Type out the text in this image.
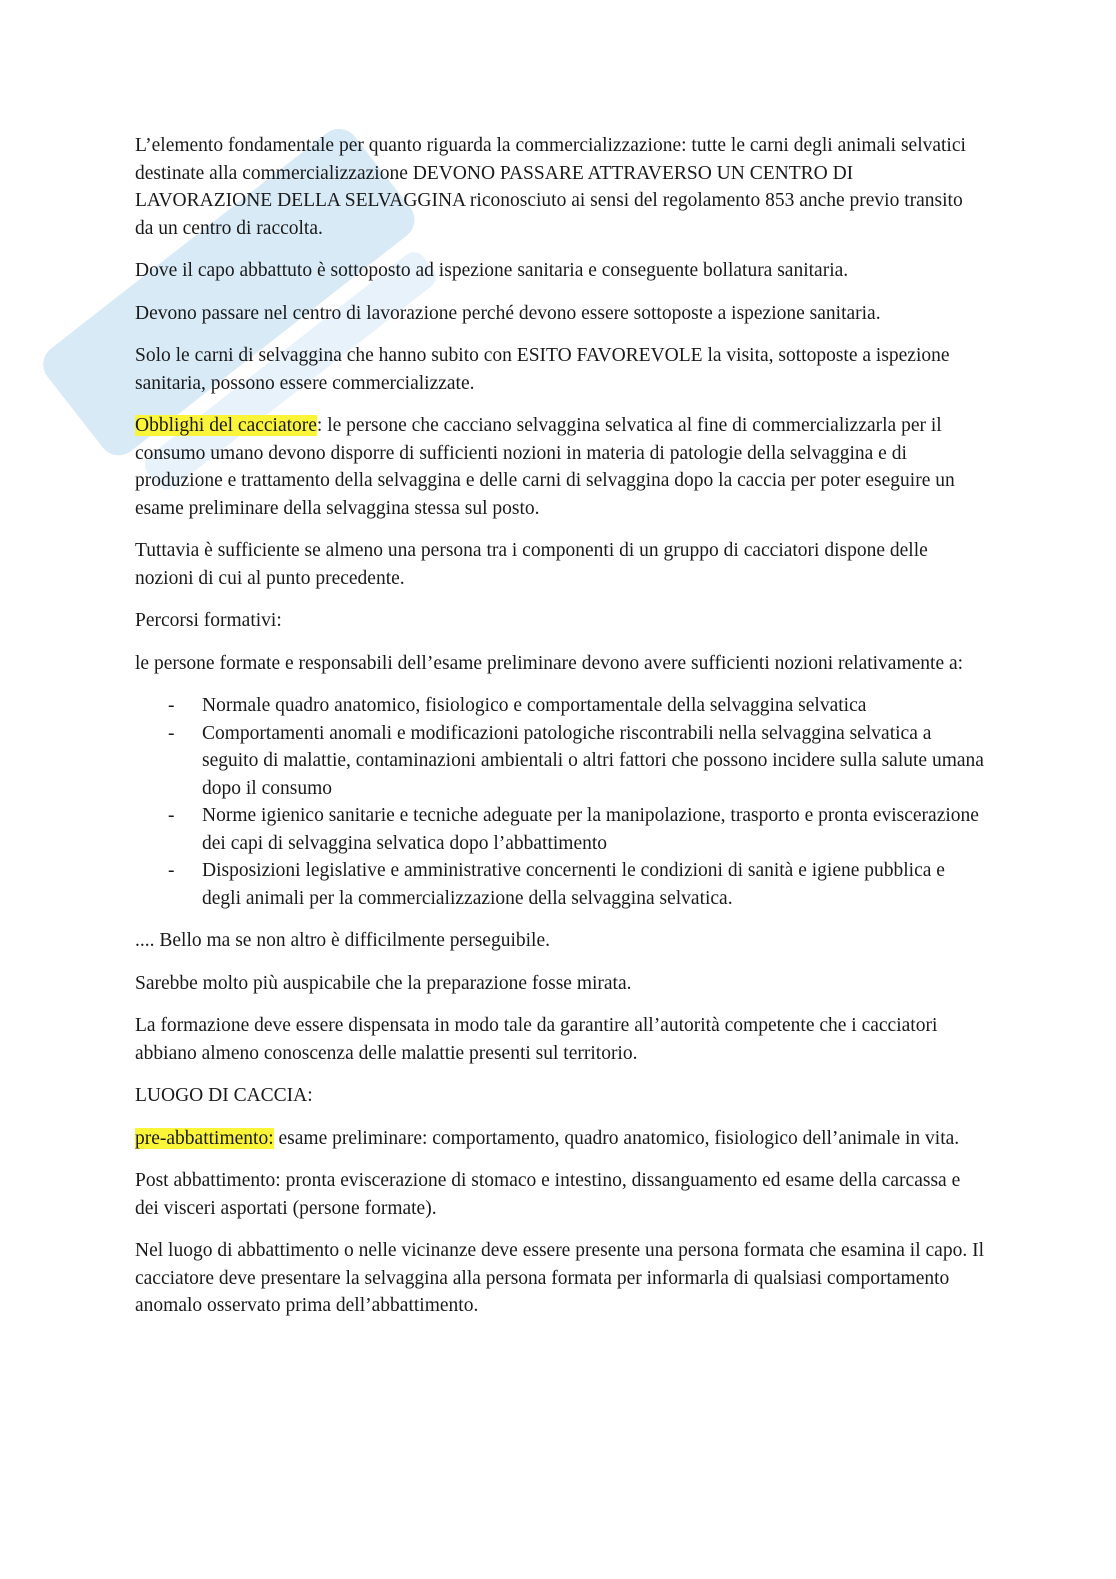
L’elemento fondamentale per quanto riguarda la commercializzazione: tutte le carni degli animali selvatici destinate alla commercializzazione DEVONO PASSARE ATTRAVERSO UN CENTRO DI LAVORAZIONE DELLA SELVAGGINA riconosciuto ai sensi del regolamento 853 anche previo transito da un centro di raccolta.

Dove il capo abbattuto è sottoposto ad ispezione sanitaria e conseguente bollatura sanitaria.

Devono passare nel centro di lavorazione perché devono essere sottoposte a ispezione sanitaria.

Solo le carni di selvaggina che hanno subito con ESITO FAVOREVOLE la visita, sottoposte a ispezione sanitaria, possono essere commercializzate.

Obblighi del cacciatore: le persone che cacciano selvaggina selvatica al fine di commercializzarla per il consumo umano devono disporre di sufficienti nozioni in materia di patologie della selvaggina e di produzione e trattamento della selvaggina e delle carni di selvaggina dopo la caccia per poter eseguire un esame preliminare della selvaggina stessa sul posto.

Tuttavia è sufficiente se almeno una persona tra i componenti di un gruppo di cacciatori dispone delle nozioni di cui al punto precedente.

Percorsi formativi:

le persone formate e responsabili dell’esame preliminare devono avere sufficienti nozioni relativamente a:

- Normale quadro anatomico, fisiologico e comportamentale della selvaggina selvatica
- Comportamenti anomali e modificazioni patologiche riscontrabili nella selvaggina selvatica a seguito di malattie, contaminazioni ambientali o altri fattori che possono incidere sulla salute umana dopo il consumo
- Norme igienico sanitarie e tecniche adeguate per la manipolazione, trasporto e pronta eviscerazione dei capi di selvaggina selvatica dopo l’abbattimento
- Disposizioni legislative e amministrative concernenti le condizioni di sanità e igiene pubblica e degli animali per la commercializzazione della selvaggina selvatica.

.... Bello ma se non altro è difficilmente perseguibile.

Sarebbe molto più auspicabile che la preparazione fosse mirata.

La formazione deve essere dispensata in modo tale da garantire all’autorità competente che i cacciatori abbiano almeno conoscenza delle malattie presenti sul territorio.

LUOGO DI CACCIA:

pre-abbattimento: esame preliminare: comportamento, quadro anatomico, fisiologico dell’animale in vita.

Post abbattimento: pronta eviscerazione di stomaco e intestino, dissanguamento ed esame della carcassa e dei visceri asportati (persone formate).

Nel luogo di abbattimento o nelle vicinanze deve essere presente una persona formata che esamina il capo. Il cacciatore deve presentare la selvaggina alla persona formata per informarla di qualsiasi comportamento anomalo osservato prima dell’abbattimento.
